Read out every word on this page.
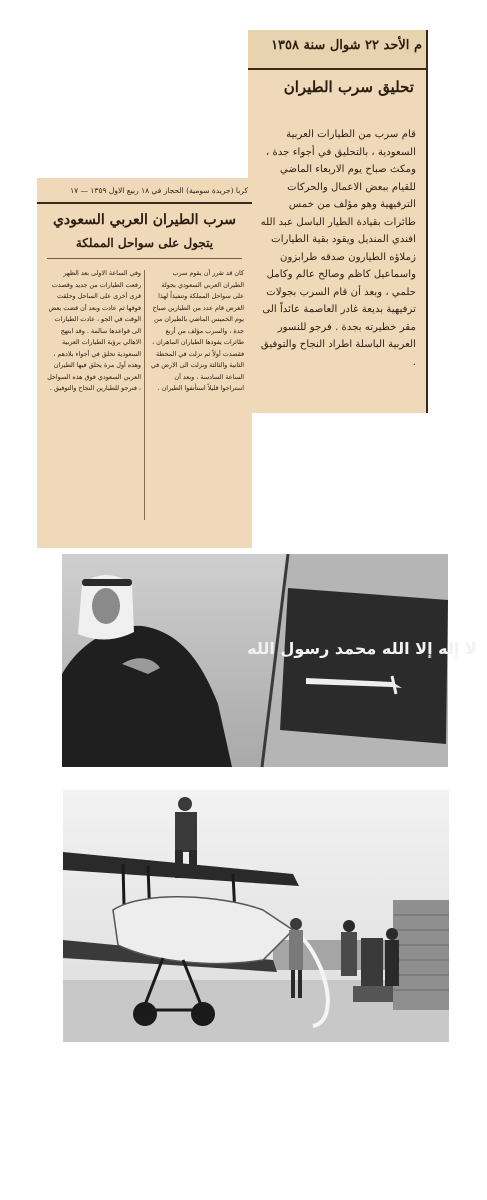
م الأحد ٢٢ شوال سنة ١٣٥٨
تحليق سرب الطيران
قام سرب من الطيارات العربية السعودية ، بالتحليق في أجواء جدة ، ومكث صباح يوم الاربعاء الماضي للقيام ببعض الاعمال والحركات الترفيهية وهو مؤلف من خمس طائرات بقيادة الطيار الباسل عبد الله افندي المنديل ويقود بقية الطيارات زملاؤه الطيارون صدقه طرابزون واسماعيل كاظم وصالح عالم وكامل حلمي ، وبعد أن قام السرب بجولات ترفيهية بديعة غادر العاصمة عائداً الى مقر خطيرته بجدة . فرجو للنسور العربية الباسلة اطراد النجاح والتوفيق .
كربا (جريدة سومية) الحجاز في ١٨ ربيع الاول ١٣٥٩ — ١٧
سرب الطيران العربي السعودي
يتجول على سواحل المملكة
كان قد تقرر أن يقوم سرب الطيران العربي السعودي بجولة على سواحل المملكة وتنفيذاً لهذا الغرض قام عدد من الطيارين صباح يوم الخميس الماضي بالطيران من جدة ، والسرب مؤلف من أربع طائرات يقودها الطياران الماهران ، فقصدت أولاً ثم نزلت في المحطة الثانية والثالثة ونزلت الى الارض في الساعة السادسة ، وبعد أن استراحوا قليلاً استأنفوا الطيران .
وفي الساعة الاولى بعد الظهر رفعت الطيارات من جديد وقصدت قرى أخرى على الساحل وحلقت فوقها ثم عادت وبعد أن قضت بعض الوقت في الجو ، عادت الطيارات الى قواعدها سالمة . وقد ابتهج الاهالي برؤية الطيارات العربية السعودية تحلق في أجواء بلادهم ، وهذه أول مرة يحلق فيها الطيران العربي السعودي فوق هذه السواحل ، فنرجو للطيارين النجاح والتوفيق .
لا إله إلا الله محمد رسول الله
